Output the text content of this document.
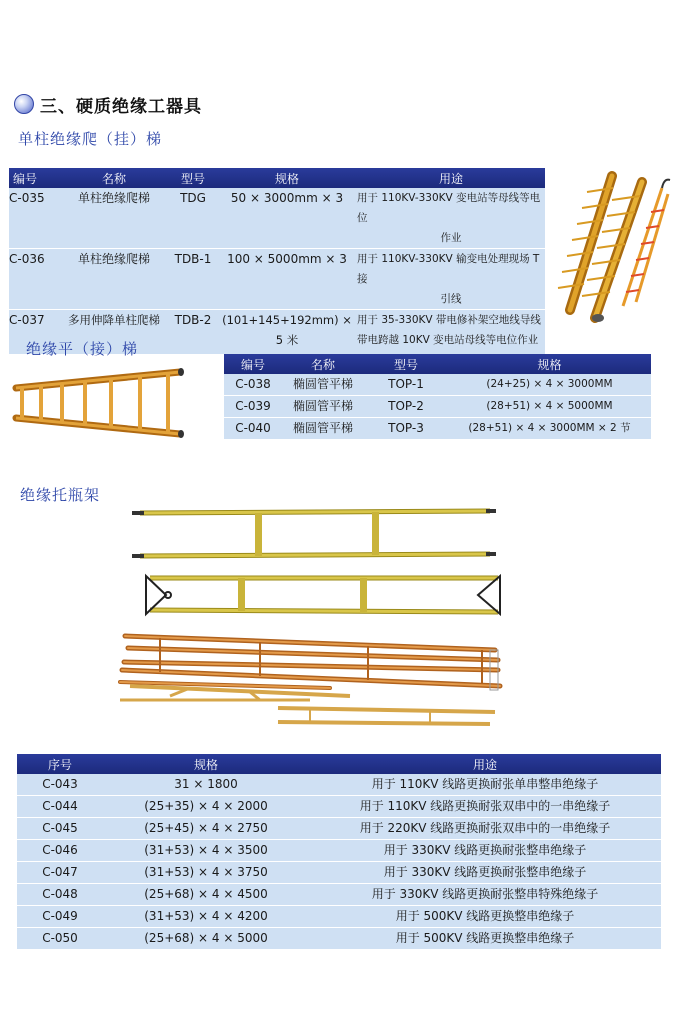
三、硬质绝缘工器具
单柱绝缘爬（挂）梯
编号	名称	型号	规格	用途
C-035	单柱绝缘爬梯	TDG	50 × 3000mm × 3	用于 110KV-330KV 变电站等母线等电位
作业

C-036	单柱绝缘爬梯	TDB-1	100 × 5000mm × 3	用于 110KV-330KV 输变电处理现场 T 接
引线

C-037	多用伸降单柱爬梯	TDB-2	(101+145+192mm) × 5 米	用于 35-330KV 带电修补架空地线导线
带电跨越 10KV 变电站母线等电位作业
绝缘平（接）梯
编号	名称	型号	规格
C-038	椭圆管平梯	TOP-1	(24+25) × 4 × 3000MM
C-039	椭圆管平梯	TOP-2	(28+51) × 4 × 5000MM
C-040	椭圆管平梯	TOP-3	(28+51) × 4 × 3000MM × 2 节
绝缘托瓶架
序号	规格	用途
C-043	31 × 1800	用于 110KV 线路更换耐张单串整串绝缘子
C-044	(25+35) × 4 × 2000	用于 110KV 线路更换耐张双串中的一串绝缘子
C-045	(25+45) × 4 × 2750	用于 220KV 线路更换耐张双串中的一串绝缘子
C-046	(31+53) × 4 × 3500	用于 330KV 线路更换耐张整串绝缘子
C-047	(31+53) × 4 × 3750	用于 330KV 线路更换耐张整串绝缘子
C-048	(25+68) × 4 × 4500	用于 330KV 线路更换耐张整串特殊绝缘子
C-049	(31+53) × 4 × 4200	用于 500KV 线路更换整串绝缘子
C-050	(25+68) × 4 × 5000	用于 500KV 线路更换整串绝缘子
